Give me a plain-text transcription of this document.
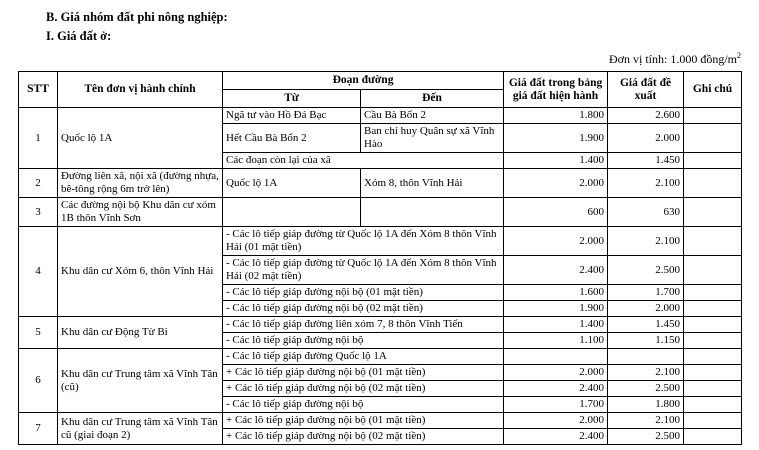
B. Giá nhóm đất phi nông nghiệp:
I. Giá đất ở:
Đơn vị tính: 1.000 đồng/$m^2$
STT	Tên đơn vị hành chính	Đoạn đường		Giá đất trong bảng giá đất hiện hành	Giá đất đề xuất	Ghi chú
		Từ	Đến			
1	Quốc lộ 1A	Ngã tư vào Hồ Đá Bạc	Cầu Bà Bổn 2	1.800	2.600	
		Hết Cầu Bà Bổn 2	Ban chỉ huy Quân sự xã Vĩnh Hào	1.900	2.000	
		Các đoạn còn lại của xã		1.400	1.450	
2	Đường liên xã, nội xã (đường nhựa, bê-tông rộng 6m trở lên)	Quốc lộ 1A	Xóm 8, thôn Vĩnh Hải	2.000	2.100	
3	Các đường nội bộ Khu dân cư xóm 1B thôn Vĩnh Sơn			600	630	
4	Khu dân cư Xóm 6, thôn Vĩnh Hải	- Các lô tiếp giáp đường từ Quốc lộ 1A đến Xóm 8 thôn Vĩnh Hải (01 mặt tiền)		2.000	2.100	
		- Các lô tiếp giáp đường từ Quốc lộ 1A đến Xóm 8 thôn Vĩnh Hải (02 mặt tiền)		2.400	2.500	
		- Các lô tiếp giáp đường nội bộ (01 mặt tiền)		1.600	1.700	
		- Các lô tiếp giáp đường nội bộ (02 mặt tiền)		1.900	2.000	
5	Khu dân cư Động Từ Bi	- Các lô tiếp giáp đường liên xóm 7, 8 thôn Vĩnh Tiến		1.400	1.450	
		- Các lô tiếp giáp đường nội bộ		1.100	1.150	
6	Khu dân cư Trung tâm xã Vĩnh Tân (cũ)	- Các lô tiếp giáp đường Quốc lộ 1A				
		+ Các lô tiếp giáp đường nội bộ (01 mặt tiền)		2.000	2.100	
		+ Các lô tiếp giáp đường nội bộ (02 mặt tiền)		2.400	2.500	
		- Các lô tiếp giáp đường nội bộ		1.700	1.800	
7	Khu dân cư Trung tâm xã Vĩnh Tân cũ (giai đoạn 2)	+ Các lô tiếp giáp đường nội bộ (01 mặt tiền)		2.000	2.100	
		+ Các lô tiếp giáp đường nội bộ (02 mặt tiền)		2.400	2.500	
